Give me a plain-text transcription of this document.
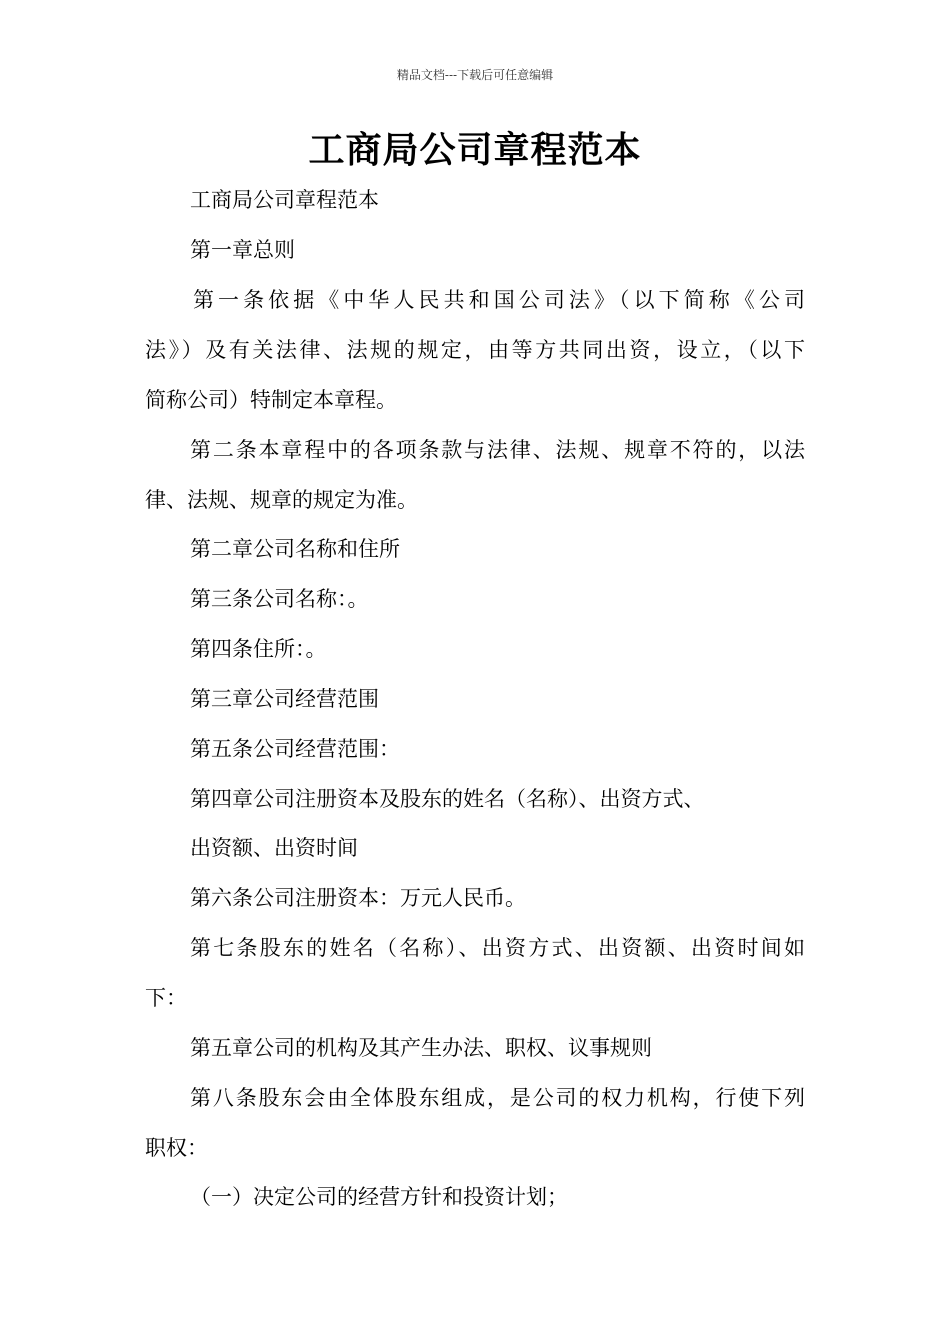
精品文档---下载后可任意编辑
工商局公司章程范本
工商局公司章程范本
第一章总则
第一条依据《中华人民共和国公司法》（以下简称《公司
法》）及有关法律、法规的规定，由等方共同出资，设立，（以下
简称公司）特制定本章程。
第二条本章程中的各项条款与法律、法规、规章不符的，以法
律、法规、规章的规定为准。
第二章公司名称和住所
第三条公司名称：。
第四条住所：。
第三章公司经营范围
第五条公司经营范围：
第四章公司注册资本及股东的姓名（名称）、出资方式、
出资额、出资时间
第六条公司注册资本：万元人民币。
第七条股东的姓名（名称）、出资方式、出资额、出资时间如
下：
第五章公司的机构及其产生办法、职权、议事规则
第八条股东会由全体股东组成，是公司的权力机构，行使下列
职权：
（一）决定公司的经营方针和投资计划；
